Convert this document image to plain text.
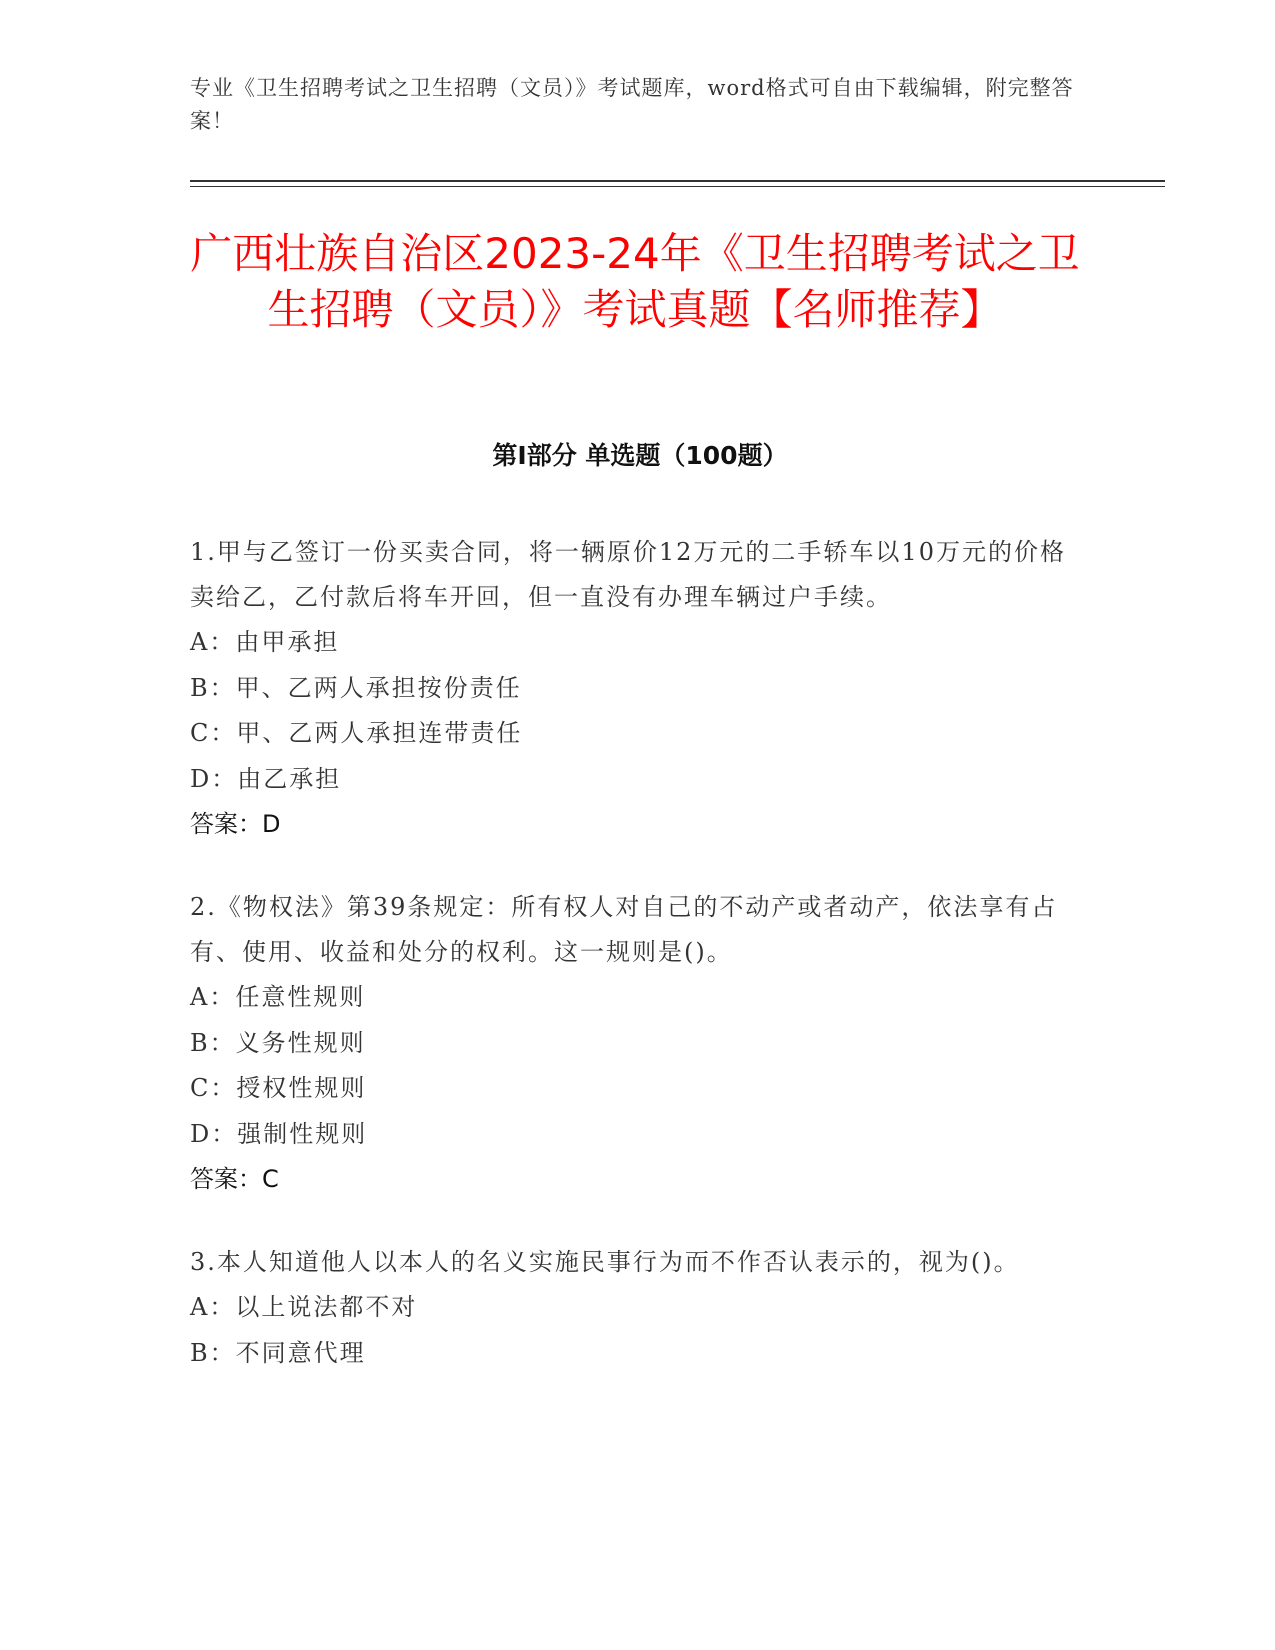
专业《卫生招聘考试之卫生招聘（文员）》考试题库，word格式可自由下载编辑，附完整答案！
广西壮族自治区2023-24年《卫生招聘考试之卫生招聘（文员）》考试真题【名师推荐】
第I部分 单选题（100题）

1.甲与乙签订一份买卖合同，将一辆原价12万元的二手轿车以10万元的价格卖给乙，乙付款后将车开回，但一直没有办理车辆过户手续。

A：由甲承担

B：甲、乙两人承担按份责任

C：甲、乙两人承担连带责任

D：由乙承担

答案：D

2.《物权法》第39条规定：所有权人对自己的不动产或者动产，依法享有占有、使用、收益和处分的权利。这一规则是()。

A：任意性规则

B：义务性规则

C：授权性规则

D：强制性规则

答案：C

3.本人知道他人以本人的名义实施民事行为而不作否认表示的，视为()。

A：以上说法都不对

B：不同意代理
